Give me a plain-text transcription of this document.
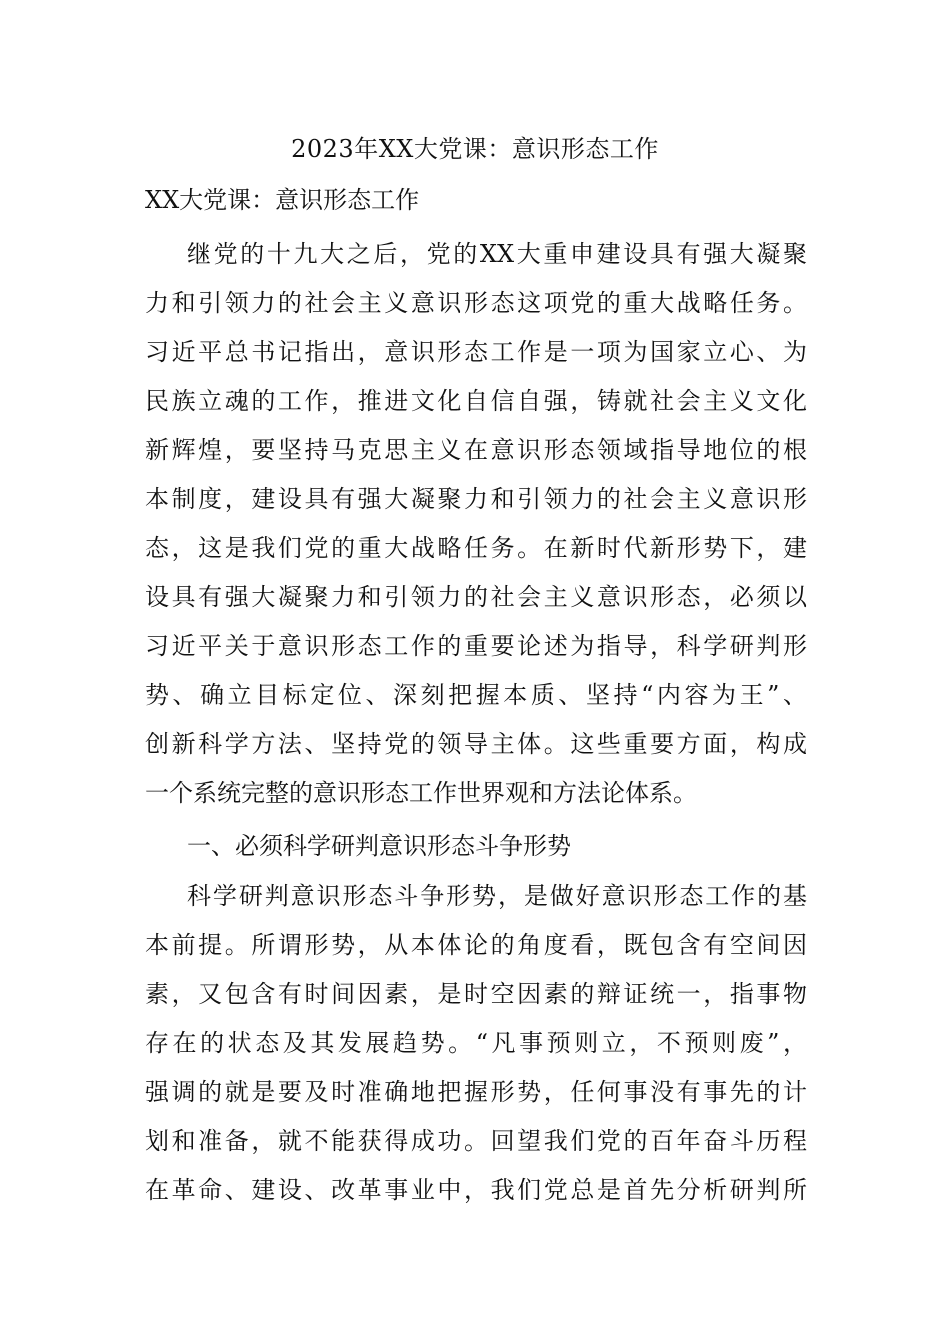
2023年XX大党课：意识形态工作
XX大党课：意识形态工作
继党的十九大之后，党的XX大重申建设具有强大凝聚
力和引领力的社会主义意识形态这项党的重大战略任务。
习近平总书记指出，意识形态工作是一项为国家立心、为
民族立魂的工作，推进文化自信自强，铸就社会主义文化
新辉煌，要坚持马克思主义在意识形态领域指导地位的根
本制度，建设具有强大凝聚力和引领力的社会主义意识形
态，这是我们党的重大战略任务。在新时代新形势下，建
设具有强大凝聚力和引领力的社会主义意识形态，必须以
习近平关于意识形态工作的重要论述为指导，科学研判形
势、确立目标定位、深刻把握本质、坚持“内容为王”、
创新科学方法、坚持党的领导主体。这些重要方面，构成
一个系统完整的意识形态工作世界观和方法论体系。
一、必须科学研判意识形态斗争形势
科学研判意识形态斗争形势，是做好意识形态工作的基
本前提。所谓形势，从本体论的角度看，既包含有空间因
素，又包含有时间因素，是时空因素的辩证统一，指事物
存在的状态及其发展趋势。“凡事预则立，不预则废”，
强调的就是要及时准确地把握形势，任何事没有事先的计
划和准备，就不能获得成功。回望我们党的百年奋斗历程
在革命、建设、改革事业中，我们党总是首先分析研判所
